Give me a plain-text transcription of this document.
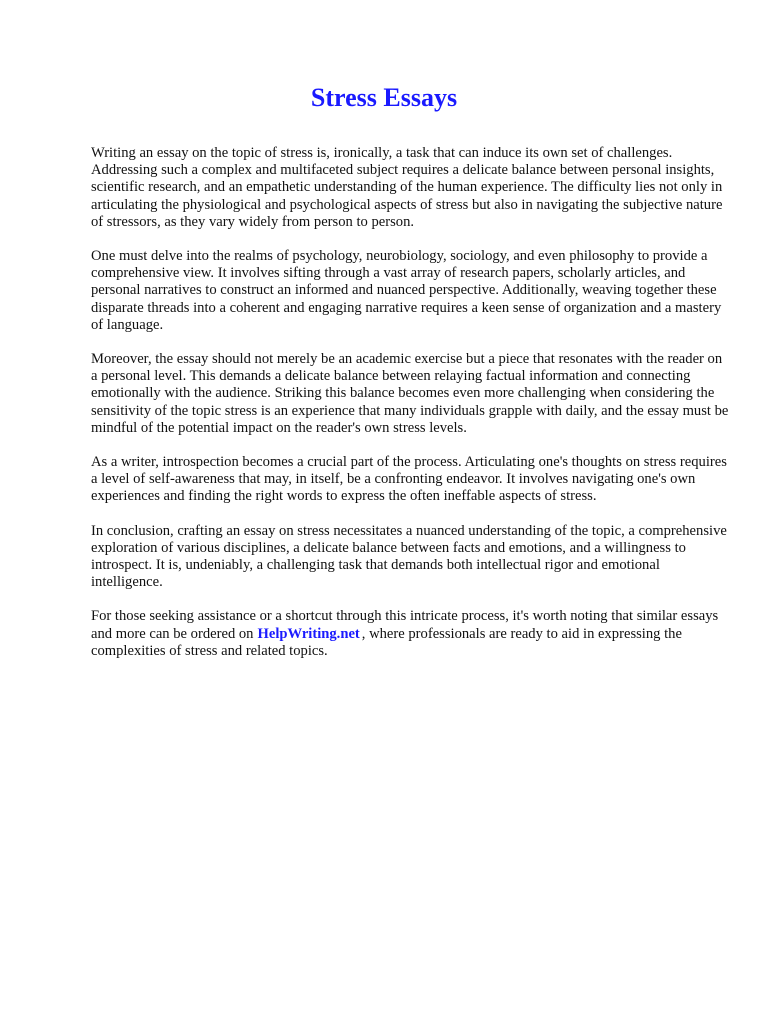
Stress Essays

Writing an essay on the topic of stress is, ironically, a task that can induce its own set of challenges. Addressing such a complex and multifaceted subject requires a delicate balance between personal insights, scientific research, and an empathetic understanding of the human experience. The difficulty lies not only in articulating the physiological and psychological aspects of stress but also in navigating the subjective nature of stressors, as they vary widely from person to person.

One must delve into the realms of psychology, neurobiology, sociology, and even philosophy to provide a comprehensive view. It involves sifting through a vast array of research papers, scholarly articles, and personal narratives to construct an informed and nuanced perspective. Additionally, weaving together these disparate threads into a coherent and engaging narrative requires a keen sense of organization and a mastery of language.

Moreover, the essay should not merely be an academic exercise but a piece that resonates with the reader on a personal level. This demands a delicate balance between relaying factual information and connecting emotionally with the audience. Striking this balance becomes even more challenging when considering the sensitivity of the topic stress is an experience that many individuals grapple with daily, and the essay must be mindful of the potential impact on the reader's own stress levels.

As a writer, introspection becomes a crucial part of the process. Articulating one's thoughts on stress requires a level of self-awareness that may, in itself, be a confronting endeavor. It involves navigating one's own experiences and finding the right words to express the often ineffable aspects of stress.

In conclusion, crafting an essay on stress necessitates a nuanced understanding of the topic, a comprehensive exploration of various disciplines, a delicate balance between facts and emotions, and a willingness to introspect. It is, undeniably, a challenging task that demands both intellectual rigor and emotional intelligence.

For those seeking assistance or a shortcut through this intricate process, it's worth noting that similar essays and more can be ordered on HelpWriting.net , where professionals are ready to aid in expressing the complexities of stress and related topics.
